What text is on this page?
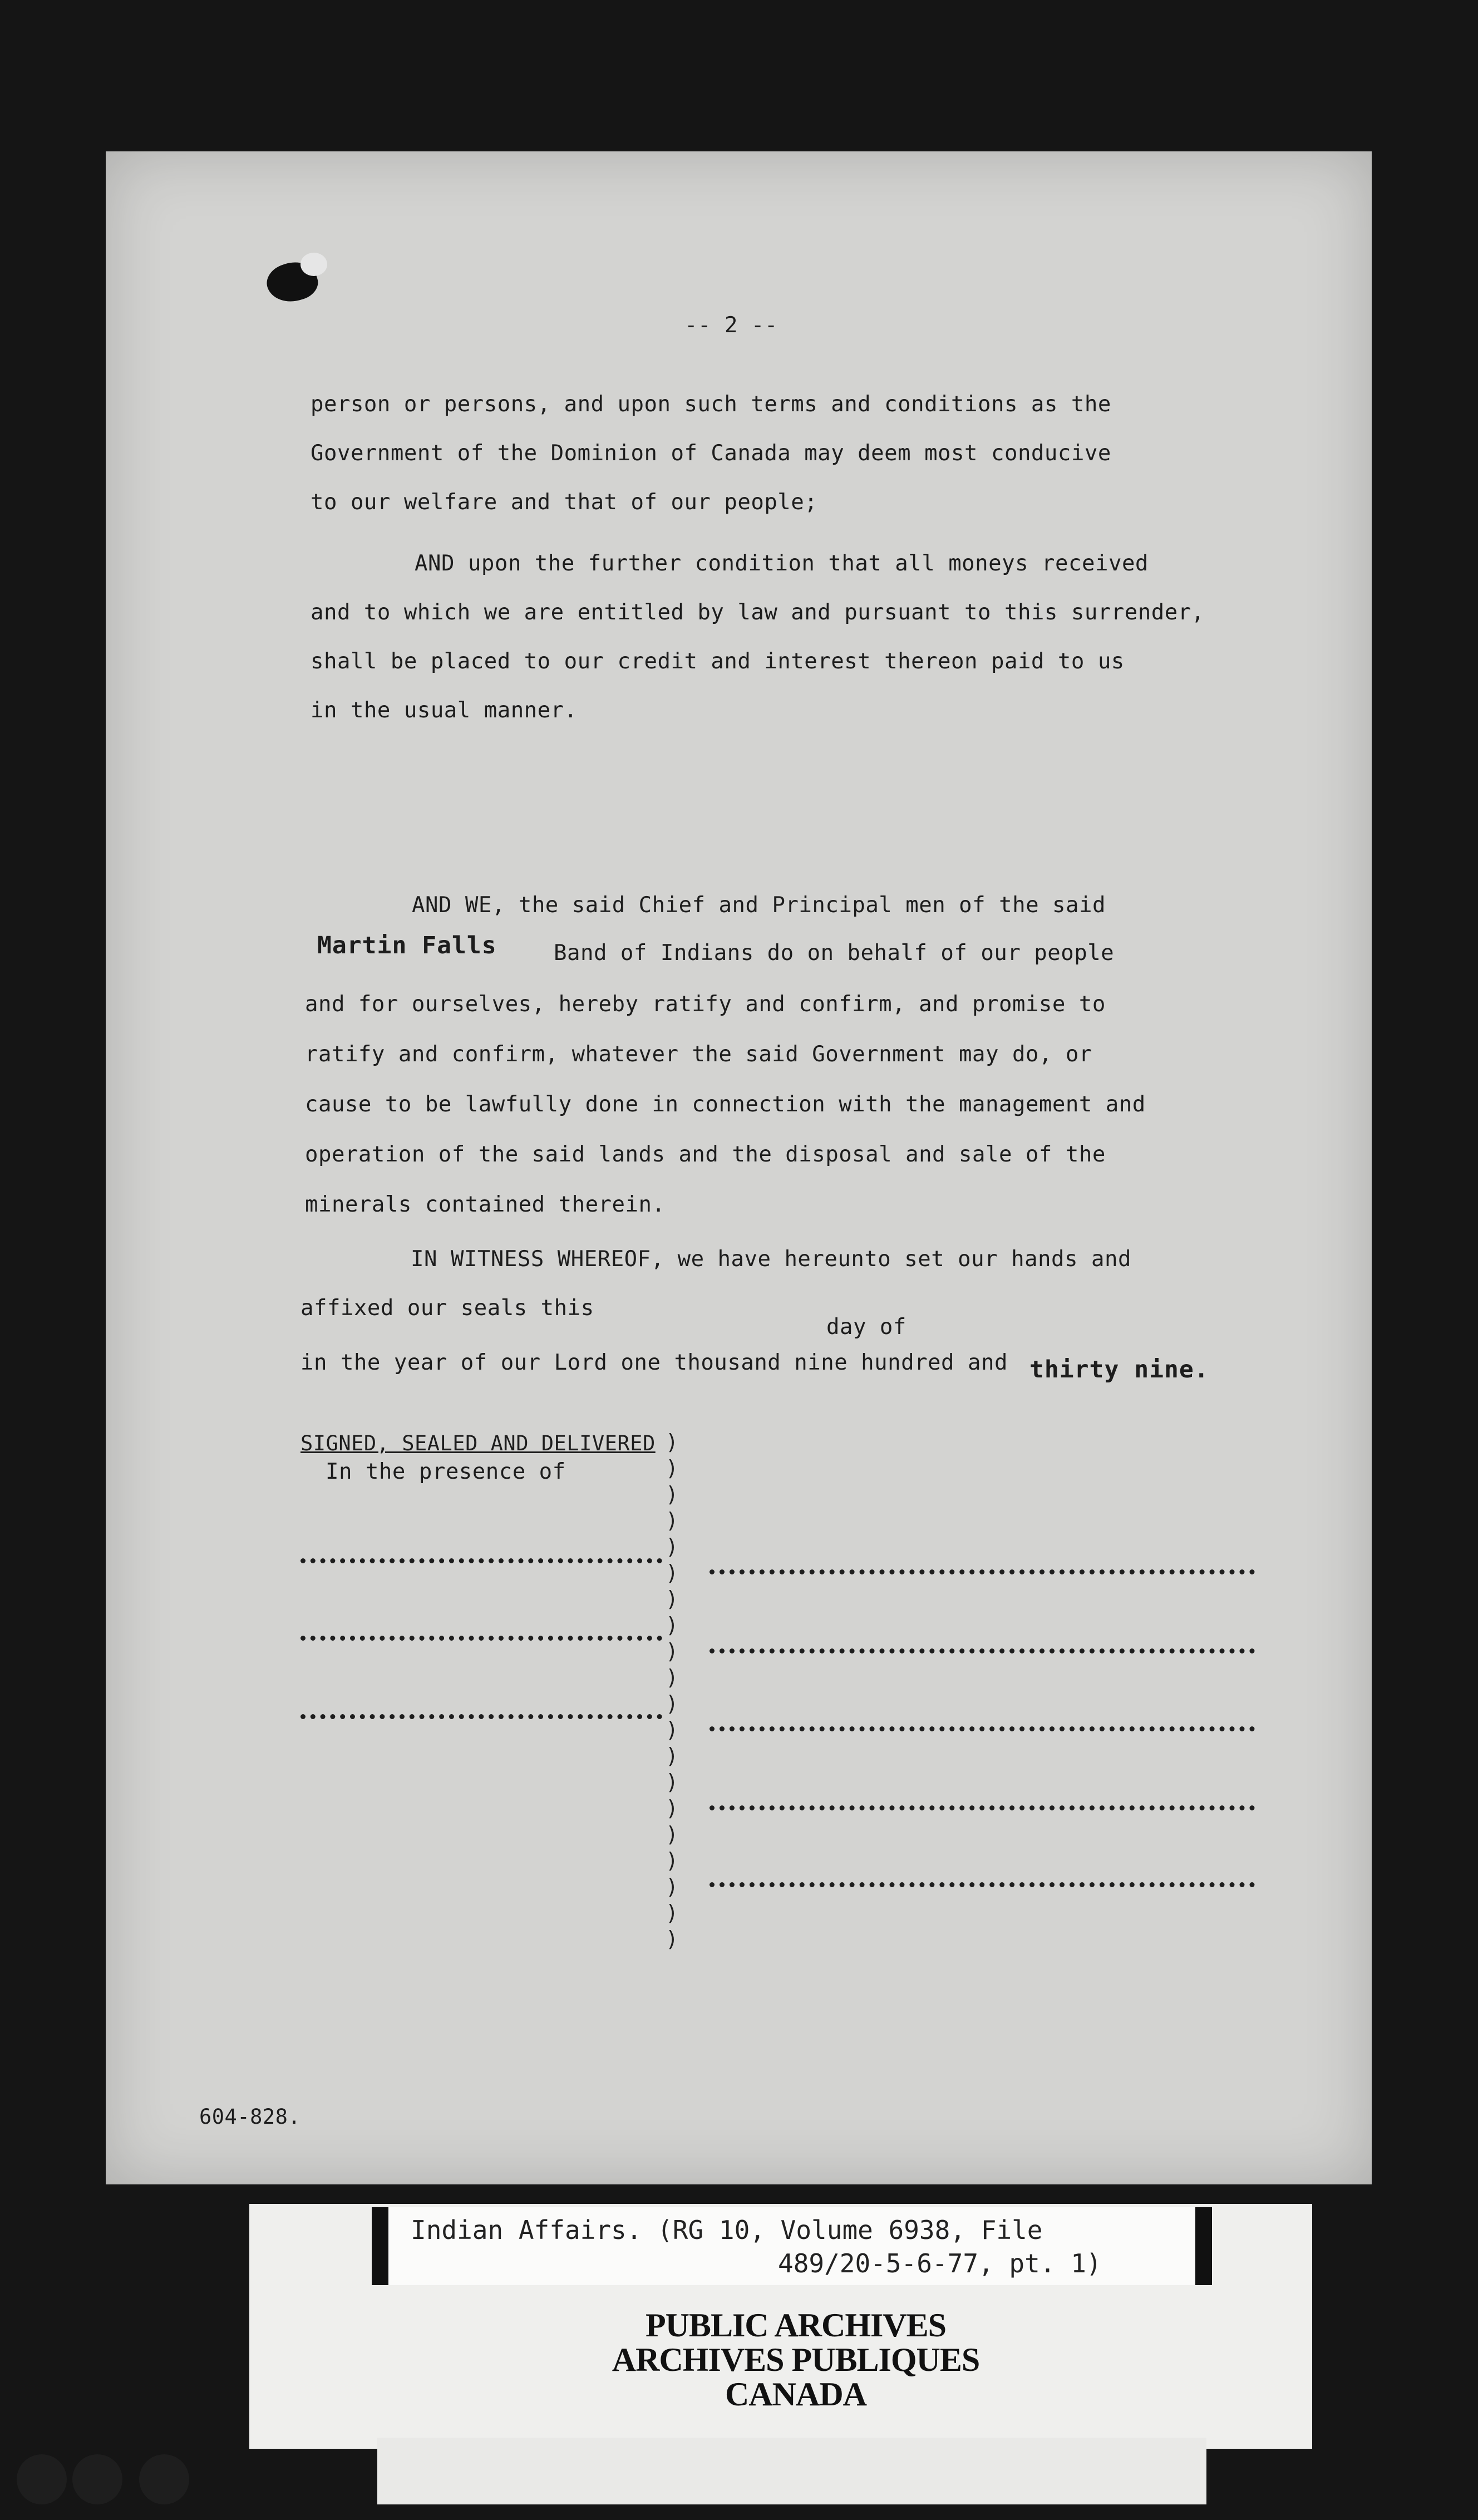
-- 2 --
person or persons, and upon such terms and conditions as the
Government of the Dominion of Canada may deem most conducive
to our welfare and that of our people;
AND upon the further condition that all moneys received
and to which we are entitled by law and pursuant to this surrender,
shall be placed to our credit and interest thereon paid to us
in the usual manner.
AND WE, the said Chief and Principal men of the said
Martin Falls	Band of Indians do on behalf of our people
and for ourselves, hereby ratify and confirm, and promise to
ratify and confirm, whatever the said Government may do, or
cause to be lawfully done in connection with the management and
operation of the said lands and the disposal and sale of the
minerals contained therein.
IN WITNESS WHEREOF, we have hereunto set our hands and
affixed our seals this
day of
in the year of our Lord one thousand nine hundred and thirty nine.
SIGNED, SEALED AND DELIVERED
In the presence of
)
)
)
)
)
)
)
)
)
)
)
)
)
)
)
)
)
)
)
)
604-828.
Indian Affairs. (RG 10, Volume 6938, File
489/20-5-6-77, pt. 1)
PUBLIC ARCHIVES
ARCHIVES PUBLIQUES
CANADA
